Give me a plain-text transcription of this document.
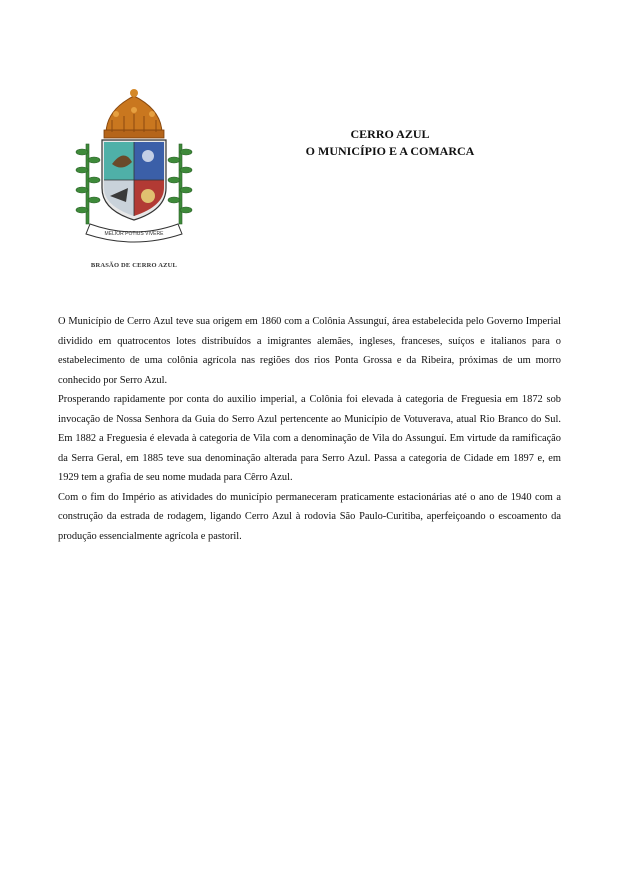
MELIOR POTIUS VIVERE
BRASÃO DE CERRO AZUL
CERRO AZUL
O MUNICÍPIO E A COMARCA

O Município de Cerro Azul teve sua origem em 1860 com a Colônia Assunguí, área estabelecida pelo Governo Imperial dividido em quatrocentos lotes distribuídos a imigrantes alemães, ingleses, franceses, suíços e italianos para o estabelecimento de uma colônia agrícola nas regiões dos rios Ponta Grossa e da Ribeira, próximas de um morro conhecido por Serro Azul.

Prosperando rapidamente por conta do auxilio imperial, a Colônia foi elevada à categoria de Freguesia em 1872 sob invocação de Nossa Senhora da Guia do Serro Azul pertencente ao Município de Votuverava, atual Rio Branco do Sul. Em 1882 a Freguesia é elevada à categoria de Vila com a denominação de Vila do Assunguí. Em virtude da ramificação da Serra Geral, em 1885 teve sua denominação alterada para Serro Azul. Passa a categoria de Cidade em 1897 e, em 1929 tem a grafia de seu nome mudada para Cêrro Azul.

Com o fim do Império as atividades do município permaneceram praticamente estacionárias até o ano de 1940 com a construção da estrada de rodagem, ligando Cerro Azul à rodovia São Paulo-Curitiba, aperfeiçoando o escoamento da produção essencialmente agrícola e pastoril.
